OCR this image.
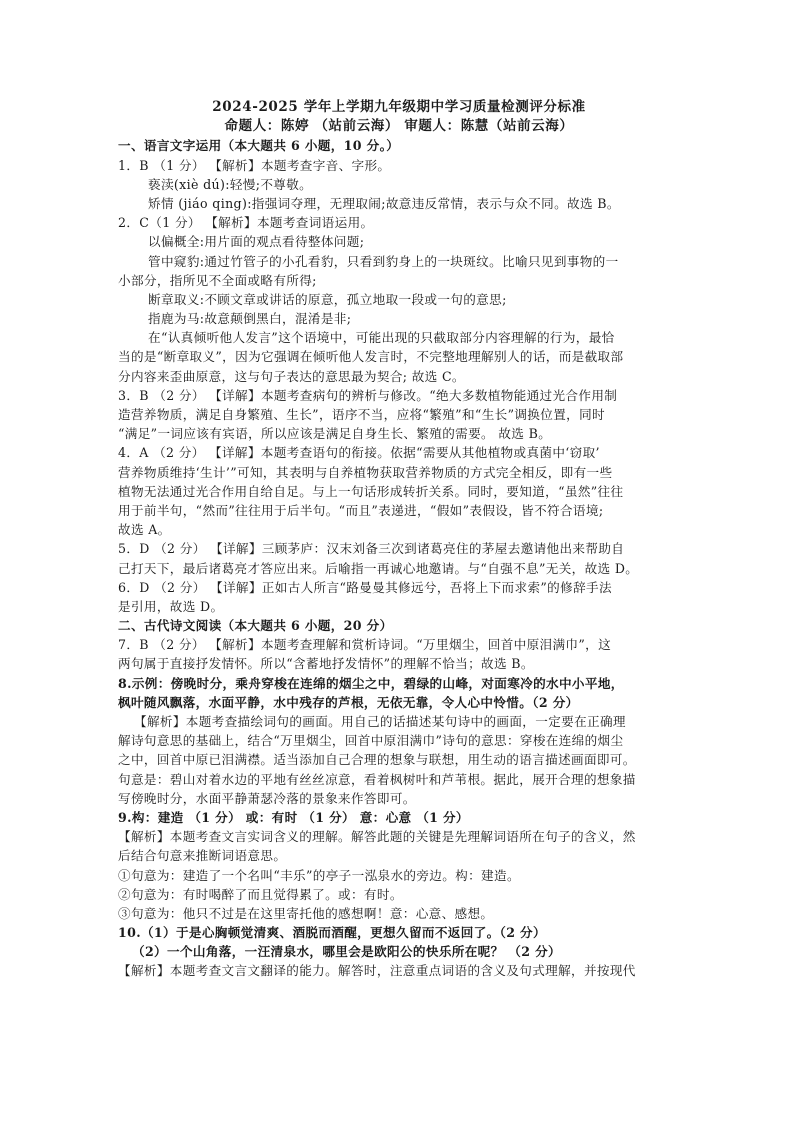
2024-2025 学年上学期九年级期中学习质量检测评分标准
命题人：陈婷 （站前云海） 审题人：陈慧（站前云海）
一、语言文字运用（本大题共 6 小题，10 分。）
1．B （1 分） 【解析】本题考查字音、字形。
亵渎(xiè dú):轻慢;不尊敬。
矫情 (jiáo qing):指强词夺理，无理取闹;故意违反常情，表示与众不同。故选 B。
2．C（1 分） 【解析】本题考查词语运用。
以偏概全:用片面的观点看待整体问题;
管中窥豹:通过竹管子的小孔看豹，只看到豹身上的一块斑纹。比喻只见到事物的一
小部分，指所见不全面或略有所得;
断章取义:不顾文章或讲话的原意，孤立地取一段或一句的意思;
指鹿为马:故意颠倒黑白，混淆是非;
在“认真倾听他人发言”这个语境中，可能出现的只截取部分内容理解的行为，最恰
当的是“断章取义”，因为它强调在倾听他人发言时，不完整地理解别人的话，而是截取部
分内容来歪曲原意，这与句子表达的意思最为契合; 故选 C。
3．B （2 分） 【详解】本题考查病句的辨析与修改。“绝大多数植物能通过光合作用制
造营养物质，满足自身繁殖、生长”，语序不当，应将“繁殖”和“生长”调换位置，同时
“满足”一词应该有宾语，所以应该是满足自身生长、繁殖的需要。 故选 B。
4．A （2 分） 【详解】本题考查语句的衔接。依据“需要从其他植物或真菌中‘窃取’
营养物质维持‘生计’”可知，其表明与自养植物获取营养物质的方式完全相反，即有一些
植物无法通过光合作用自给自足。与上一句话形成转折关系。同时，要知道，“虽然”往往
用于前半句，“然而”往往用于后半句。“而且”表递进，“假如”表假设，皆不符合语境;
故选 A。
5．D （2 分） 【详解】三顾茅庐：汉末刘备三次到诸葛亮住的茅屋去邀请他出来帮助自
己打天下，最后诸葛亮才答应出来。后喻指一再诚心地邀请。与“自强不息”无关，故选 D。
6．D （2 分） 【详解】正如古人所言“路曼曼其修远兮，吾将上下而求索”的修辞手法
是引用，故选 D。
二、古代诗文阅读（本大题共 6 小题，20 分）
7．B （2 分） 【解析】本题考查理解和赏析诗词。“万里烟尘，回首中原泪满巾”，这
两句属于直接抒发情怀。所以“含蓄地抒发情怀”的理解不恰当；故选 B。
8.示例：傍晚时分，乘舟穿梭在连绵的烟尘之中，碧绿的山峰，对面寒冷的水中小平地，
枫叶随风飘落，水面平静，水中残存的芦根，无依无靠，令人心中怜惜。（2 分）
【解析】本题考查描绘词句的画面。用自己的话描述某句诗中的画面，一定要在正确理
解诗句意思的基础上，结合“万里烟尘，回首中原泪满巾”诗句的意思：穿梭在连绵的烟尘
之中，回首中原已泪满襟。适当添加自己合理的想象与联想，用生动的语言描述画面即可。
句意是：碧山对着水边的平地有丝丝凉意，看着枫树叶和芦苇根。据此，展开合理的想象描
写傍晚时分，水面平静萧瑟冷落的景象来作答即可。
9.构：建造 （1 分） 或：有时 （1 分） 意：心意 （1 分）
【解析】本题考查文言实词含义的理解。解答此题的关键是先理解词语所在句子的含义，然
后结合句意来推断词语意思。
①句意为：建造了一个名叫“丰乐”的亭子一泓泉水的旁边。构：建造。
②句意为：有时喝醉了而且觉得累了。或：有时。
③句意为：他只不过是在这里寄托他的感想啊！意：心意、感想。
10.（1）于是心胸顿觉清爽、酒脱而酒醒，更想久留而不返回了。（2 分）
（2）一个山角落，一汪清泉水，哪里会是欧阳公的快乐所在呢？ （2 分）
【解析】本题考查文言文翻译的能力。解答时，注意重点词语的含义及句式理解，并按现代
